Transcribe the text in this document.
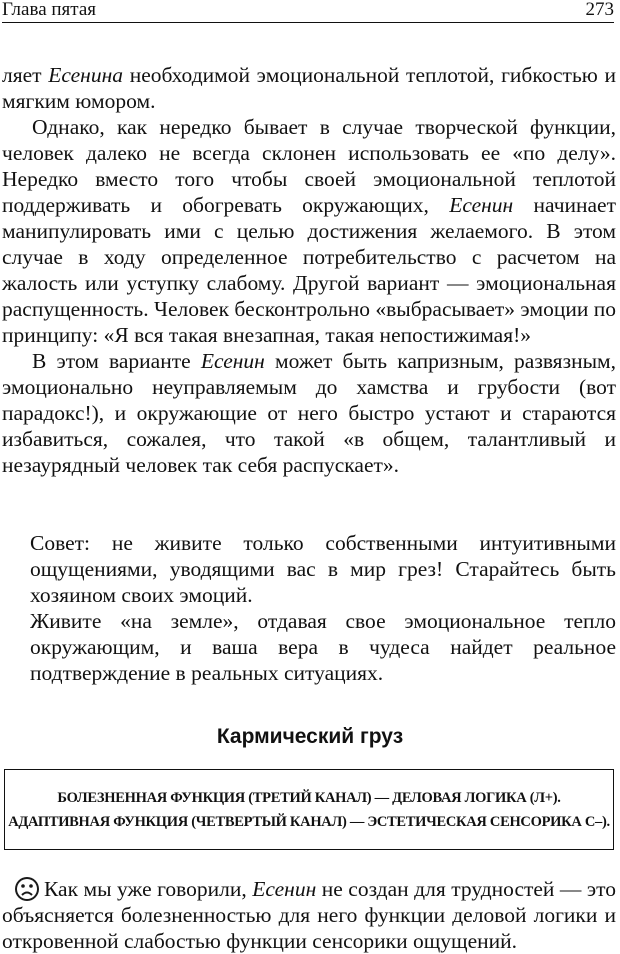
Глава пятая	273

ляет Есенина необходимой эмоциональной теплотой, гибкостью и мягким юмором.

Однако, как нередко бывает в случае творческой функции, человек далеко не всегда склонен использовать ее «по делу». Нередко вместо того чтобы своей эмоциональной теплотой поддерживать и обогревать окружающих, Есенин начинает манипулировать ими с целью достижения желаемого. В этом случае в ходу определенное потребительство с расчетом на жалость или уступку слабому. Другой вариант — эмоциональная распущенность. Человек бесконтрольно «выбрасывает» эмоции по принципу: «Я вся такая внезапная, такая непостижимая!»

В этом варианте Есенин может быть капризным, развязным, эмоционально неуправляемым до хамства и грубости (вот парадокс!), и окружающие от него быстро устают и стараются избавиться, сожалея, что такой «в общем, талантливый и незаурядный человек так себя распускает».

Совет: не живите только собственными интуитивными ощущениями, уводящими вас в мир грез! Старайтесь быть хозяином своих эмоций.

Живите «на земле», отдавая свое эмоциональное тепло окружающим, и ваша вера в чудеса найдет реальное подтверждение в реальных ситуациях.

Кармический груз
БОЛЕЗНЕННАЯ ФУНКЦИЯ (ТРЕТИЙ КАНАЛ) — ДЕЛОВАЯ ЛОГИКА (Л+).
АДАПТИВНАЯ ФУНКЦИЯ (ЧЕТВЕРТЫЙ КАНАЛ) — ЭСТЕТИЧЕСКАЯ СЕНСОРИКА С–).

Как мы уже говорили, Есенин не создан для трудностей — это объясняется болезненностью для него функции деловой логики и откровенной слабостью функции сенсорики ощущений.
